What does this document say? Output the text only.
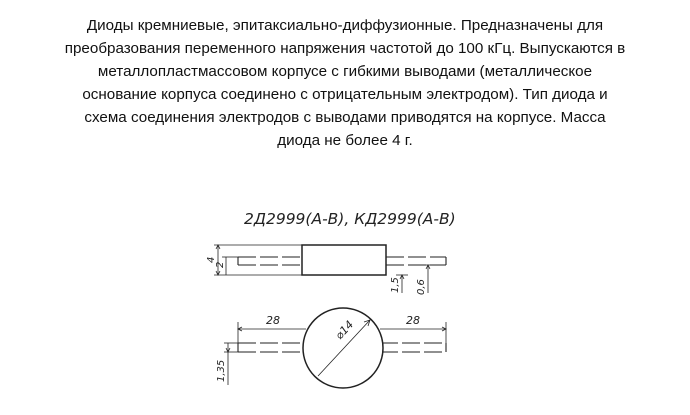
Диоды кремниевые, эпитаксиально-диффузионные. Предназначены для
преобразования переменного напряжения частотой до 100 кГц. Выпускаются в
металлопластмассовом корпусе с гибкими выводами (металлическое
основание корпуса соединено с отрицательным электродом). Тип диода и
схема соединения электродов с выводами приводятся на корпусе. Масса
диода не более 4 г.
2Д2999(А-В), КД2999(А-В)
4
2
1,5 0,6
28	28
⌀14
1,35
